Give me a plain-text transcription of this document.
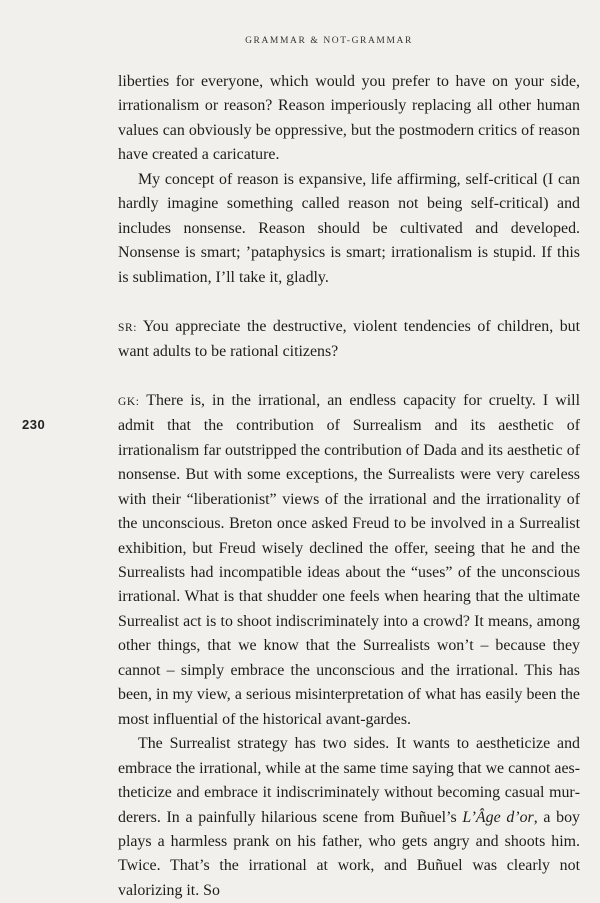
GRAMMAR & NOT-GRAMMAR
230

liberties for everyone, which would you prefer to have on your side, irrationalism or reason? Reason imperiously replacing all other human values can obviously be oppressive, but the postmodern critics of reason have created a caricature.

My concept of reason is expansive, life affirming, self-critical (I can hardly imagine something called reason not being self-critical) and includes nonsense. Reason should be cultivated and developed. Nonsense is smart; ’pataphysics is smart; irrationalism is stupid. If this is sublimation, I’ll take it, gladly.

SR: You appreciate the destructive, violent tendencies of children, but want adults to be rational citizens?

GK: There is, in the irrational, an endless capacity for cruelty. I will admit that the contribution of Surrealism and its aesthetic of irrationalism far outstripped the contribution of Dada and its aesthetic of nonsense. But with some exceptions, the Surrealists were very careless with their “liberationist” views of the irrational and the irrationality of the unconscious. Breton once asked Freud to be involved in a Surrealist exhibition, but Freud wisely declined the offer, seeing that he and the Surrealists had incompatible ideas about the “uses” of the unconscious irrational. What is that shudder one feels when hearing that the ultimate Surrealist act is to shoot indiscriminately into a crowd? It means, among other things, that we know that the Surrealists won’t – because they cannot – simply embrace the unconscious and the irrational. This has been, in my view, a serious misinterpretation of what has easily been the most influential of the historical avant-gardes.

The Surrealist strategy has two sides. It wants to aestheticize and embrace the irrational, while at the same time saying that we cannot aestheticize and embrace it indiscriminately without becoming casual murderers. In a painfully hilarious scene from Buñuel’s L’Âge d’or, a boy plays a harmless prank on his father, who gets angry and shoots him. Twice. That’s the irrational at work, and Buñuel was clearly not valorizing it. So
